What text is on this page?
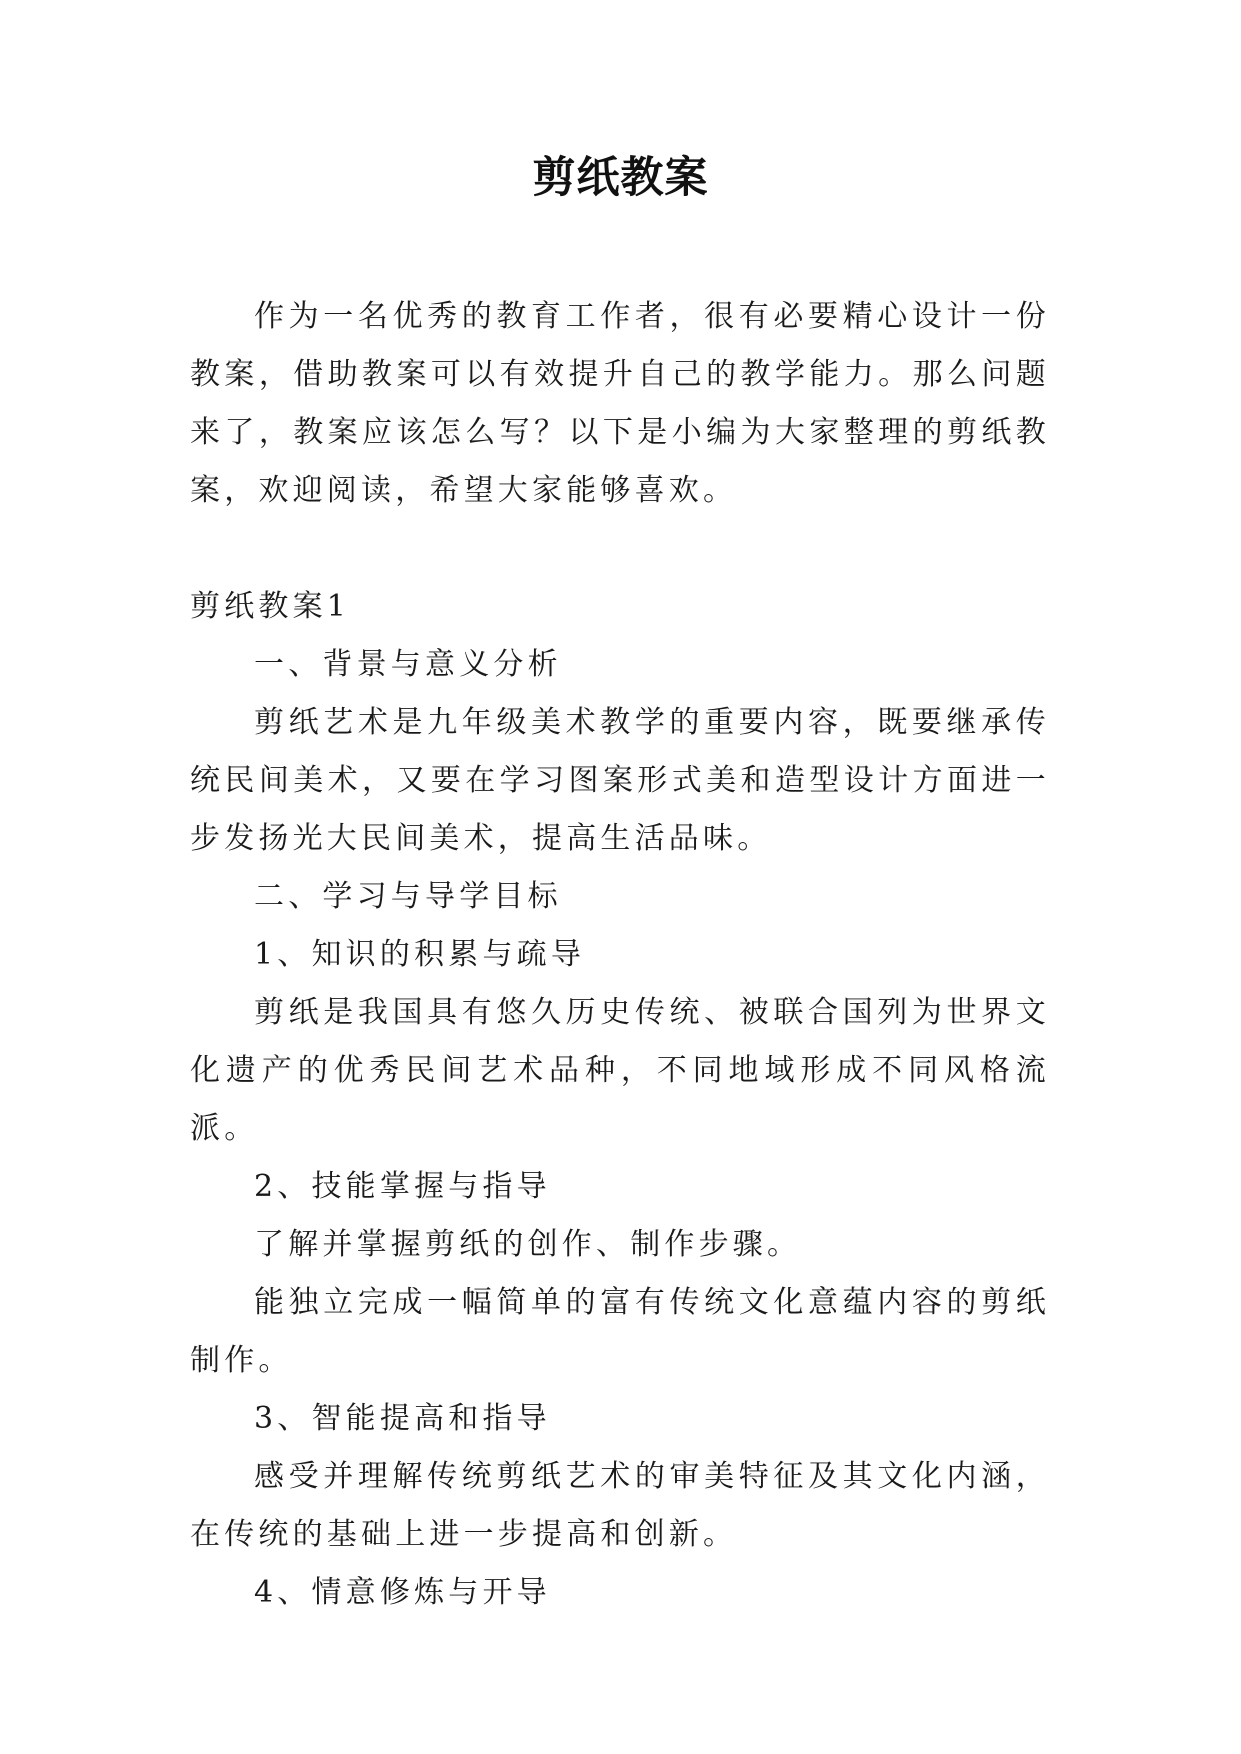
剪纸教案

作为一名优秀的教育工作者，很有必要精心设计一份教案，借助教案可以有效提升自己的教学能力。那么问题来了，教案应该怎么写？以下是小编为大家整理的剪纸教案，欢迎阅读，希望大家能够喜欢。

剪纸教案1

一、背景与意义分析

剪纸艺术是九年级美术教学的重要内容，既要继承传统民间美术，又要在学习图案形式美和造型设计方面进一步发扬光大民间美术，提高生活品味。

二、学习与导学目标

1、知识的积累与疏导

剪纸是我国具有悠久历史传统、被联合国列为世界文化遗产的优秀民间艺术品种，不同地域形成不同风格流派。

2、技能掌握与指导

了解并掌握剪纸的创作、制作步骤。

能独立完成一幅简单的富有传统文化意蕴内容的剪纸制作。

3、智能提高和指导

感受并理解传统剪纸艺术的审美特征及其文化内涵，在传统的基础上进一步提高和创新。

4、情意修炼与开导
